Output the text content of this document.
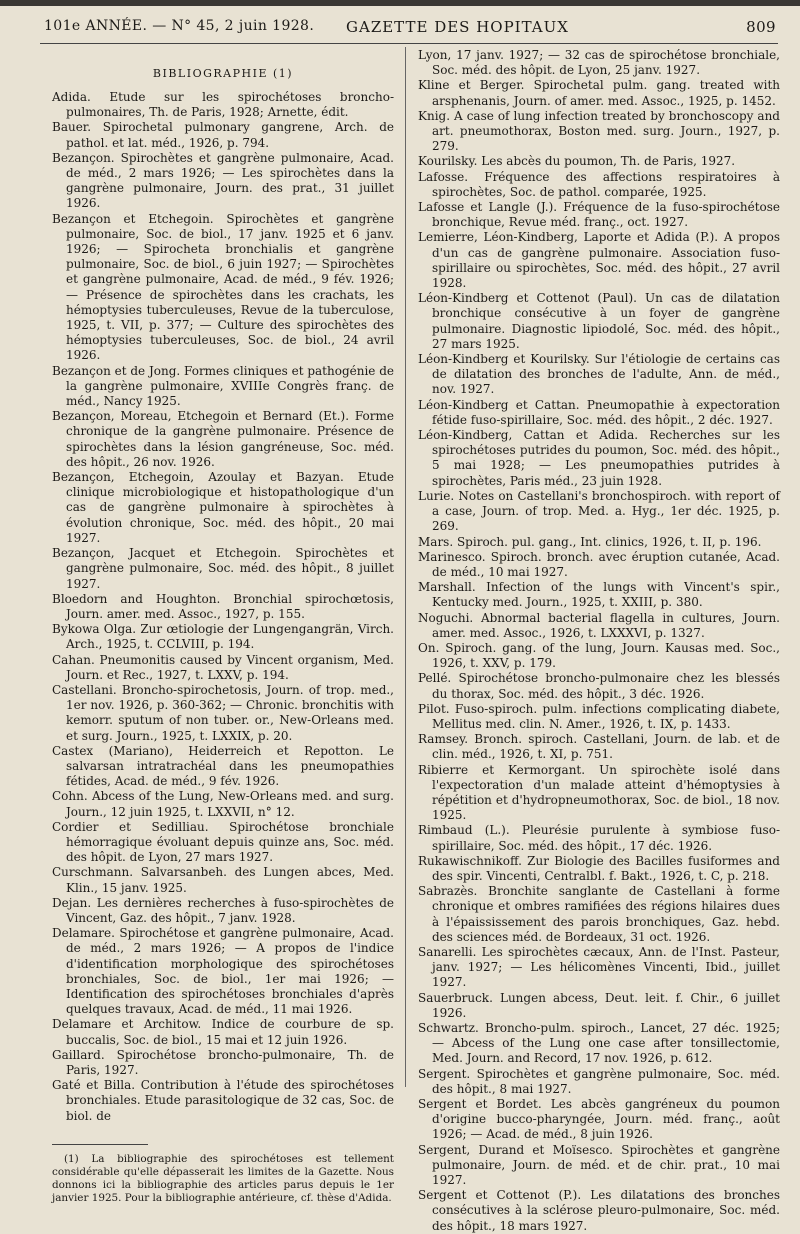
101e ANNÉE. — N° 45, 2 juin 1928. GAZETTE DES HOPITAUX	809
BIBLIOGRAPHIE (1)

Adida. Etude sur les spirochétoses broncho-pulmonaires, Th. de Paris, 1928; Arnette, édit.

Bauer. Spirochetal pulmonary gangrene, Arch. de pathol. et lat. méd., 1926, p. 794.

Bezançon. Spirochètes et gangrène pulmonaire, Acad. de méd., 2 mars 1926; — Les spirochètes dans la gangrène pulmonaire, Journ. des prat., 31 juillet 1926.

Bezançon et Etchegoin. Spirochètes et gangrène pulmonaire, Soc. de biol., 17 janv. 1925 et 6 janv. 1926; — Spirocheta bronchialis et gangrène pulmonaire, Soc. de biol., 6 juin 1927; — Spirochètes et gangrène pulmonaire, Acad. de méd., 9 fév. 1926; — Présence de spirochètes dans les crachats, les hémoptysies tuberculeuses, Revue de la tuberculose, 1925, t. VII, p. 377; — Culture des spirochètes des hémoptysies tuberculeuses, Soc. de biol., 24 avril 1926.

Bezançon et de Jong. Formes cliniques et pathogénie de la gangrène pulmonaire, XVIIIe Congrès franç. de méd., Nancy 1925.

Bezançon, Moreau, Etchegoin et Bernard (Et.). Forme chronique de la gangrène pulmonaire. Présence de spirochètes dans la lésion gangréneuse, Soc. méd. des hôpit., 26 nov. 1926.

Bezançon, Etchegoin, Azoulay et Bazyan. Etude clinique microbiologique et histopathologique d'un cas de gangrène pulmonaire à spirochètes à évolution chronique, Soc. méd. des hôpit., 20 mai 1927.

Bezançon, Jacquet et Etchegoin. Spirochètes et gangrène pulmonaire, Soc. méd. des hôpit., 8 juillet 1927.

Bloedorn and Houghton. Bronchial spirochœtosis, Journ. amer. med. Assoc., 1927, p. 155.

Bykowa Olga. Zur œtiologie der Lungengangrän, Virch. Arch., 1925, t. CCLVIII, p. 194.

Cahan. Pneumonitis caused by Vincent organism, Med. Journ. et Rec., 1927, t. LXXV, p. 194.

Castellani. Broncho-spirochetosis, Journ. of trop. med., 1er nov. 1926, p. 360-362; — Chronic. bronchitis with kemorr. sputum of non tuber. or., New-Orleans med. et surg. Journ., 1925, t. LXXIX, p. 20.

Castex (Mariano), Heiderreich et Repotton. Le salvarsan intratrachéal dans les pneumopathies fétides, Acad. de méd., 9 fév. 1926.

Cohn. Abcess of the Lung, New-Orleans med. and surg. Journ., 12 juin 1925, t. LXXVII, n° 12.

Cordier et Sedilliau. Spirochétose bronchiale hémorragique évoluant depuis quinze ans, Soc. méd. des hôpit. de Lyon, 27 mars 1927.

Curschmann. Salvarsanbeh. des Lungen abces, Med. Klin., 15 janv. 1925.

Dejan. Les dernières recherches à fuso-spirochètes de Vincent, Gaz. des hôpit., 7 janv. 1928.

Delamare. Spirochétose et gangrène pulmonaire, Acad. de méd., 2 mars 1926; — A propos de l'indice d'identification morphologique des spirochétoses bronchiales, Soc. de biol., 1er mai 1926; — Identification des spirochétoses bronchiales d'après quelques travaux, Acad. de méd., 11 mai 1926.

Delamare et Architow. Indice de courbure de sp. buccalis, Soc. de biol., 15 mai et 12 juin 1926.

Gaillard. Spirochétose broncho-pulmonaire, Th. de Paris, 1927.

Gaté et Billa. Contribution à l'étude des spirochétoses bronchiales. Etude parasitologique de 32 cas, Soc. de biol. de

(1) La bibliographie des spirochétoses est tellement considérable qu'elle dépasserait les limites de la Gazette. Nous donnons ici la bibliographie des articles parus depuis le 1er janvier 1925. Pour la bibliographie antérieure, cf. thèse d'Adida.

Lyon, 17 janv. 1927; — 32 cas de spirochétose bronchiale, Soc. méd. des hôpit. de Lyon, 25 janv. 1927.

Kline et Berger. Spirochetal pulm. gang. treated with arsphenanis, Journ. of amer. med. Assoc., 1925, p. 1452.

Knig. A case of lung infection treated by bronchoscopy and art. pneumothorax, Boston med. surg. Journ., 1927, p. 279.

Kourilsky. Les abcès du poumon, Th. de Paris, 1927.

Lafosse. Fréquence des affections respiratoires à spirochètes, Soc. de pathol. comparée, 1925.

Lafosse et Langle (J.). Fréquence de la fuso-spirochétose bronchique, Revue méd. franç., oct. 1927.

Lemierre, Léon-Kindberg, Laporte et Adida (P.). A propos d'un cas de gangrène pulmonaire. Association fuso-spirillaire ou spirochètes, Soc. méd. des hôpit., 27 avril 1928.

Léon-Kindberg et Cottenot (Paul). Un cas de dilatation bronchique consécutive à un foyer de gangrène pulmonaire. Diagnostic lipiodolé, Soc. méd. des hôpit., 27 mars 1925.

Léon-Kindberg et Kourilsky. Sur l'étiologie de certains cas de dilatation des bronches de l'adulte, Ann. de méd., nov. 1927.

Léon-Kindberg et Cattan. Pneumopathie à expectoration fétide fuso-spirillaire, Soc. méd. des hôpit., 2 déc. 1927.

Léon-Kindberg, Cattan et Adida. Recherches sur les spirochétoses putrides du poumon, Soc. méd. des hôpit., 5 mai 1928; — Les pneumopathies putrides à spirochètes, Paris méd., 23 juin 1928.

Lurie. Notes on Castellani's bronchospiroch. with report of a case, Journ. of trop. Med. a. Hyg., 1er déc. 1925, p. 269.

Mars. Spiroch. pul. gang., Int. clinics, 1926, t. II, p. 196.

Marinesco. Spiroch. bronch. avec éruption cutanée, Acad. de méd., 10 mai 1927.

Marshall. Infection of the lungs with Vincent's spir., Kentucky med. Journ., 1925, t. XXIII, p. 380.

Noguchi. Abnormal bacterial flagella in cultures, Journ. amer. med. Assoc., 1926, t. LXXXVI, p. 1327.

On. Spiroch. gang. of the lung, Journ. Kausas med. Soc., 1926, t. XXV, p. 179.

Pellé. Spirochétose broncho-pulmonaire chez les blessés du thorax, Soc. méd. des hôpit., 3 déc. 1926.

Pilot. Fuso-spiroch. pulm. infections complicating diabete, Mellitus med. clin. N. Amer., 1926, t. IX, p. 1433.

Ramsey. Bronch. spiroch. Castellani, Journ. de lab. et de clin. méd., 1926, t. XI, p. 751.

Ribierre et Kermorgant. Un spirochète isolé dans l'expectoration d'un malade atteint d'hémoptysies à répétition et d'hydropneumothorax, Soc. de biol., 18 nov. 1925.

Rimbaud (L.). Pleurésie purulente à symbiose fuso-spirillaire, Soc. méd. des hôpit., 17 déc. 1926.

Rukawischnikoff. Zur Biologie des Bacilles fusiformes and des spir. Vincenti, Centralbl. f. Bakt., 1926, t. C, p. 218.

Sabrazès. Bronchite sanglante de Castellani à forme chronique et ombres ramifiées des régions hilaires dues à l'épaississement des parois bronchiques, Gaz. hebd. des sciences méd. de Bordeaux, 31 oct. 1926.

Sanarelli. Les spirochètes cæcaux, Ann. de l'Inst. Pasteur, janv. 1927; — Les hélicomènes Vincenti, Ibid., juillet 1927.

Sauerbruck. Lungen abcess, Deut. leit. f. Chir., 6 juillet 1926.

Schwartz. Broncho-pulm. spiroch., Lancet, 27 déc. 1925; — Abcess of the Lung one case after tonsillectomie, Med. Journ. and Record, 17 nov. 1926, p. 612.

Sergent. Spirochètes et gangrène pulmonaire, Soc. méd. des hôpit., 8 mai 1927.

Sergent et Bordet. Les abcès gangréneux du poumon d'origine bucco-pharyngée, Journ. méd. franç., août 1926; — Acad. de méd., 8 juin 1926.

Sergent, Durand et Moïsesco. Spirochètes et gangrène pulmonaire, Journ. de méd. et de chir. prat., 10 mai 1927.

Sergent et Cottenot (P.). Les dilatations des bronches consécutives à la sclérose pleuro-pulmonaire, Soc. méd. des hôpit., 18 mars 1927.
